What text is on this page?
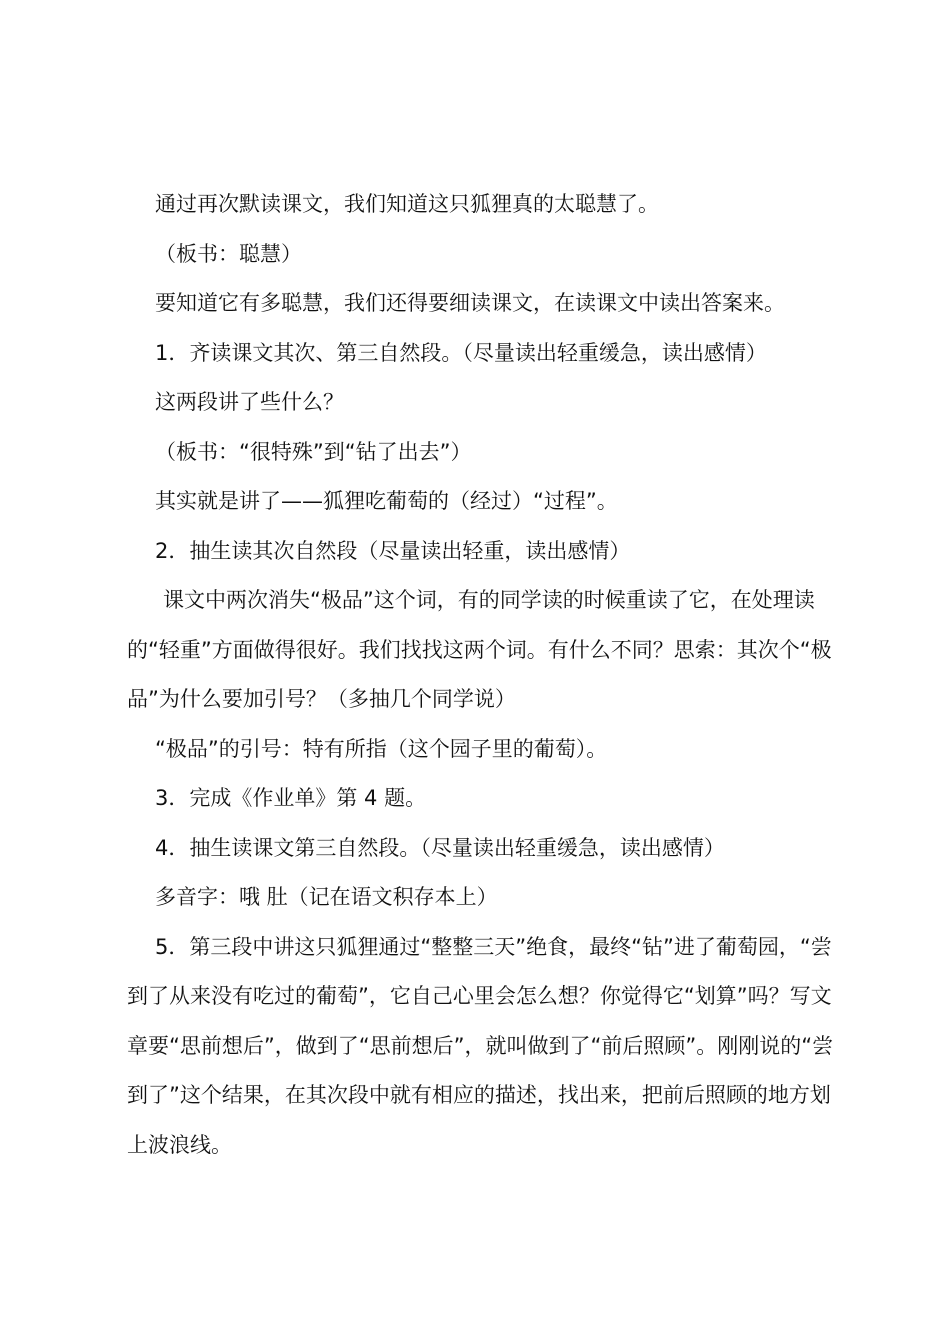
通过再次默读课文，我们知道这只狐狸真的太聪慧了。

（板书：聪慧）

要知道它有多聪慧，我们还得要细读课文，在读课文中读出答案来。

1．齐读课文其次、第三自然段。（尽量读出轻重缓急，读出感情）

这两段讲了些什么？

（板书：“很特殊”到“钻了出去”）

其实就是讲了——狐狸吃葡萄的（经过）“过程”。

2．抽生读其次自然段（尽量读出轻重，读出感情）

课文中两次消失“极品”这个词，有的同学读的时候重读了它，在处理读的“轻重”方面做得很好。我们找找这两个词。有什么不同？思索：其次个“极品”为什么要加引号？（多抽几个同学说）

“极品”的引号：特有所指（这个园子里的葡萄）。

3．完成《作业单》第 4 题。

4．抽生读课文第三自然段。（尽量读出轻重缓急，读出感情）

多音字：哦 肚（记在语文积存本上）

5．第三段中讲这只狐狸通过“整整三天”绝食，最终“钻”进了葡萄园，“尝到了从来没有吃过的葡萄”，它自己心里会怎么想？你觉得它“划算”吗？写文章要“思前想后”，做到了“思前想后”，就叫做到了“前后照顾”。刚刚说的“尝到了”这个结果，在其次段中就有相应的描述，找出来，把前后照顾的地方划上波浪线。
